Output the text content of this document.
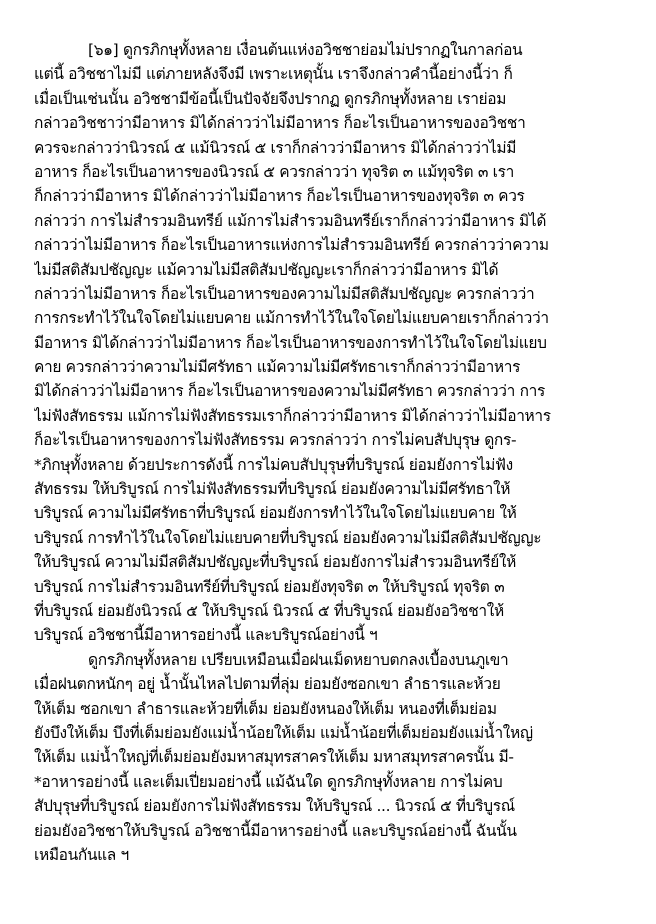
[๖๑] ดูกรภิกษุทั้งหลาย เงื่อนต้นแห่งอวิชชาย่อมไม่ปรากฏในกาลก่อน
แต่นี้ อวิชชาไม่มี แต่ภายหลังจึงมี เพราะเหตุนั้น เราจึงกล่าวคำนี้อย่างนี้ว่า ก็
เมื่อเป็นเช่นนั้น อวิชชามีข้อนี้เป็นปัจจัยจึงปรากฏ ดูกรภิกษุทั้งหลาย เราย่อม
กล่าวอวิชชาว่ามีอาหาร มิได้กล่าวว่าไม่มีอาหาร ก็อะไรเป็นอาหารของอวิชชา
ควรจะกล่าวว่านิวรณ์ ๕ แม้นิวรณ์ ๕ เราก็กล่าวว่ามีอาหาร มิได้กล่าวว่าไม่มี
อาหาร ก็อะไรเป็นอาหารของนิวรณ์ ๕ ควรกล่าวว่า ทุจริต ๓ แม้ทุจริต ๓ เรา
ก็กล่าวว่ามีอาหาร มิได้กล่าวว่าไม่มีอาหาร ก็อะไรเป็นอาหารของทุจริต ๓ ควร
กล่าวว่า การไม่สำรวมอินทรีย์ แม้การไม่สำรวมอินทรีย์เราก็กล่าวว่ามีอาหาร มิได้
กล่าวว่าไม่มีอาหาร ก็อะไรเป็นอาหารแห่งการไม่สำรวมอินทรีย์ ควรกล่าวว่าความ
ไม่มีสติสัมปชัญญะ แม้ความไม่มีสติสัมปชัญญะเราก็กล่าวว่ามีอาหาร มิได้
กล่าวว่าไม่มีอาหาร ก็อะไรเป็นอาหารของความไม่มีสติสัมปชัญญะ ควรกล่าวว่า
การกระทำไว้ในใจโดยไม่แยบคาย แม้การทำไว้ในใจโดยไม่แยบคายเราก็กล่าวว่า
มีอาหาร มิได้กล่าวว่าไม่มีอาหาร ก็อะไรเป็นอาหารของการทำไว้ในใจโดยไม่แยบ
คาย ควรกล่าวว่าความไม่มีศรัทธา แม้ความไม่มีศรัทธาเราก็กล่าวว่ามีอาหาร
มิได้กล่าวว่าไม่มีอาหาร ก็อะไรเป็นอาหารของความไม่มีศรัทธา ควรกล่าวว่า การ
ไม่ฟังสัทธรรม แม้การไม่ฟังสัทธรรมเราก็กล่าวว่ามีอาหาร มิได้กล่าวว่าไม่มีอาหาร
ก็อะไรเป็นอาหารของการไม่ฟังสัทธรรม ควรกล่าวว่า การไม่คบสัปบุรุษ ดูกร-
*ภิกษุทั้งหลาย ด้วยประการดังนี้ การไม่คบสัปบุรุษที่บริบูรณ์ ย่อมยังการไม่ฟัง
สัทธรรม ให้บริบูรณ์ การไม่ฟังสัทธรรมที่บริบูรณ์ ย่อมยังความไม่มีศรัทธาให้
บริบูรณ์ ความไม่มีศรัทธาที่บริบูรณ์ ย่อมยังการทำไว้ในใจโดยไม่แยบคาย ให้
บริบูรณ์ การทำไว้ในใจโดยไม่แยบคายที่บริบูรณ์ ย่อมยังความไม่มีสติสัมปชัญญะ
ให้บริบูรณ์ ความไม่มีสติสัมปชัญญะที่บริบูรณ์ ย่อมยังการไม่สำรวมอินทรีย์ให้
บริบูรณ์ การไม่สำรวมอินทรีย์ที่บริบูรณ์ ย่อมยังทุจริต ๓ ให้บริบูรณ์ ทุจริต ๓
ที่บริบูรณ์ ย่อมยังนิวรณ์ ๕ ให้บริบูรณ์ นิวรณ์ ๕ ที่บริบูรณ์ ย่อมยังอวิชชาให้
บริบูรณ์ อวิชชานี้มีอาหารอย่างนี้ และบริบูรณ์อย่างนี้ ฯ
ดูกรภิกษุทั้งหลาย เปรียบเหมือนเมื่อฝนเม็ดหยาบตกลงเบื้องบนภูเขา
เมื่อฝนตกหนักๆ อยู่ น้ำนั้นไหลไปตามที่ลุ่ม ย่อมยังซอกเขา ลำธารและห้วย
ให้เต็ม ซอกเขา ลำธารและห้วยที่เต็ม ย่อมยังหนองให้เต็ม หนองที่เต็มย่อม
ยังบึงให้เต็ม บึงที่เต็มย่อมยังแม่น้ำน้อยให้เต็ม แม่น้ำน้อยที่เต็มย่อมยังแม่น้ำใหญ่
ให้เต็ม แม่น้ำใหญ่ที่เต็มย่อมยังมหาสมุทรสาครให้เต็ม มหาสมุทรสาครนั้น มี-
*อาหารอย่างนี้ และเต็มเปี่ยมอย่างนี้ แม้ฉันใด ดูกรภิกษุทั้งหลาย การไม่คบ
สัปบุรุษที่บริบูรณ์ ย่อมยังการไม่ฟังสัทธรรม ให้บริบูรณ์ ... นิวรณ์ ๕ ที่บริบูรณ์
ย่อมยังอวิชชาให้บริบูรณ์ อวิชชานี้มีอาหารอย่างนี้ และบริบูรณ์อย่างนี้ ฉันนั้น
เหมือนกันแล ฯ
